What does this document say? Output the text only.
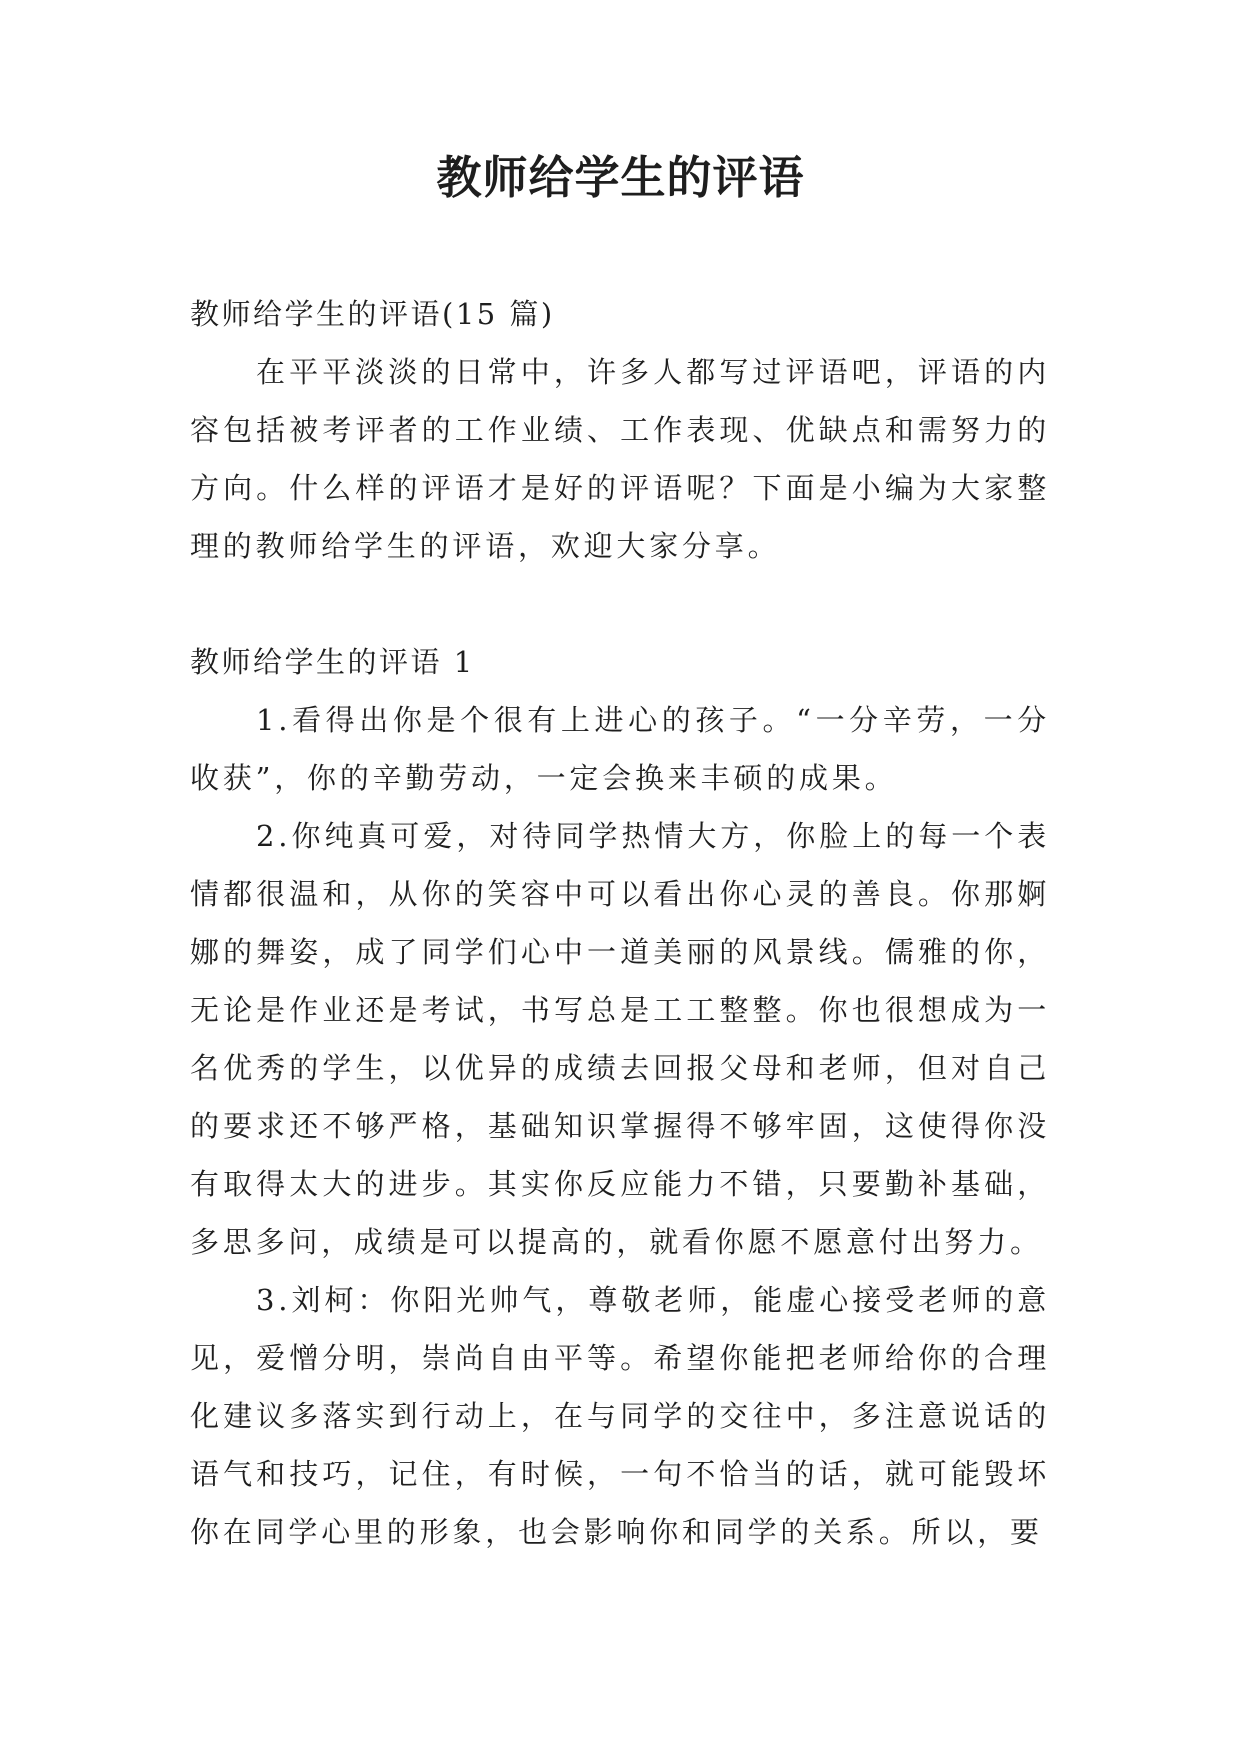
教师给学生的评语

教师给学生的评语(15 篇)

在平平淡淡的日常中，许多人都写过评语吧，评语的内容包括被考评者的工作业绩、工作表现、优缺点和需努力的方向。什么样的评语才是好的评语呢？下面是小编为大家整理的教师给学生的评语，欢迎大家分享。

教师给学生的评语 1

1.看得出你是个很有上进心的孩子。“一分辛劳，一分收获”，你的辛勤劳动，一定会换来丰硕的成果。

2.你纯真可爱，对待同学热情大方，你脸上的每一个表情都很温和，从你的笑容中可以看出你心灵的善良。你那婀娜的舞姿，成了同学们心中一道美丽的风景线。儒雅的你，无论是作业还是考试，书写总是工工整整。你也很想成为一名优秀的学生，以优异的成绩去回报父母和老师，但对自己的要求还不够严格，基础知识掌握得不够牢固，这使得你没有取得太大的进步。其实你反应能力不错，只要勤补基础，多思多问，成绩是可以提高的，就看你愿不愿意付出努力。

3.刘柯：你阳光帅气，尊敬老师，能虚心接受老师的意见，爱憎分明，崇尚自由平等。希望你能把老师给你的合理化建议多落实到行动上，在与同学的交往中，多注意说话的语气和技巧，记住，有时候，一句不恰当的话，就可能毁坏你在同学心里的形象，也会影响你和同学的关系。所以，要
